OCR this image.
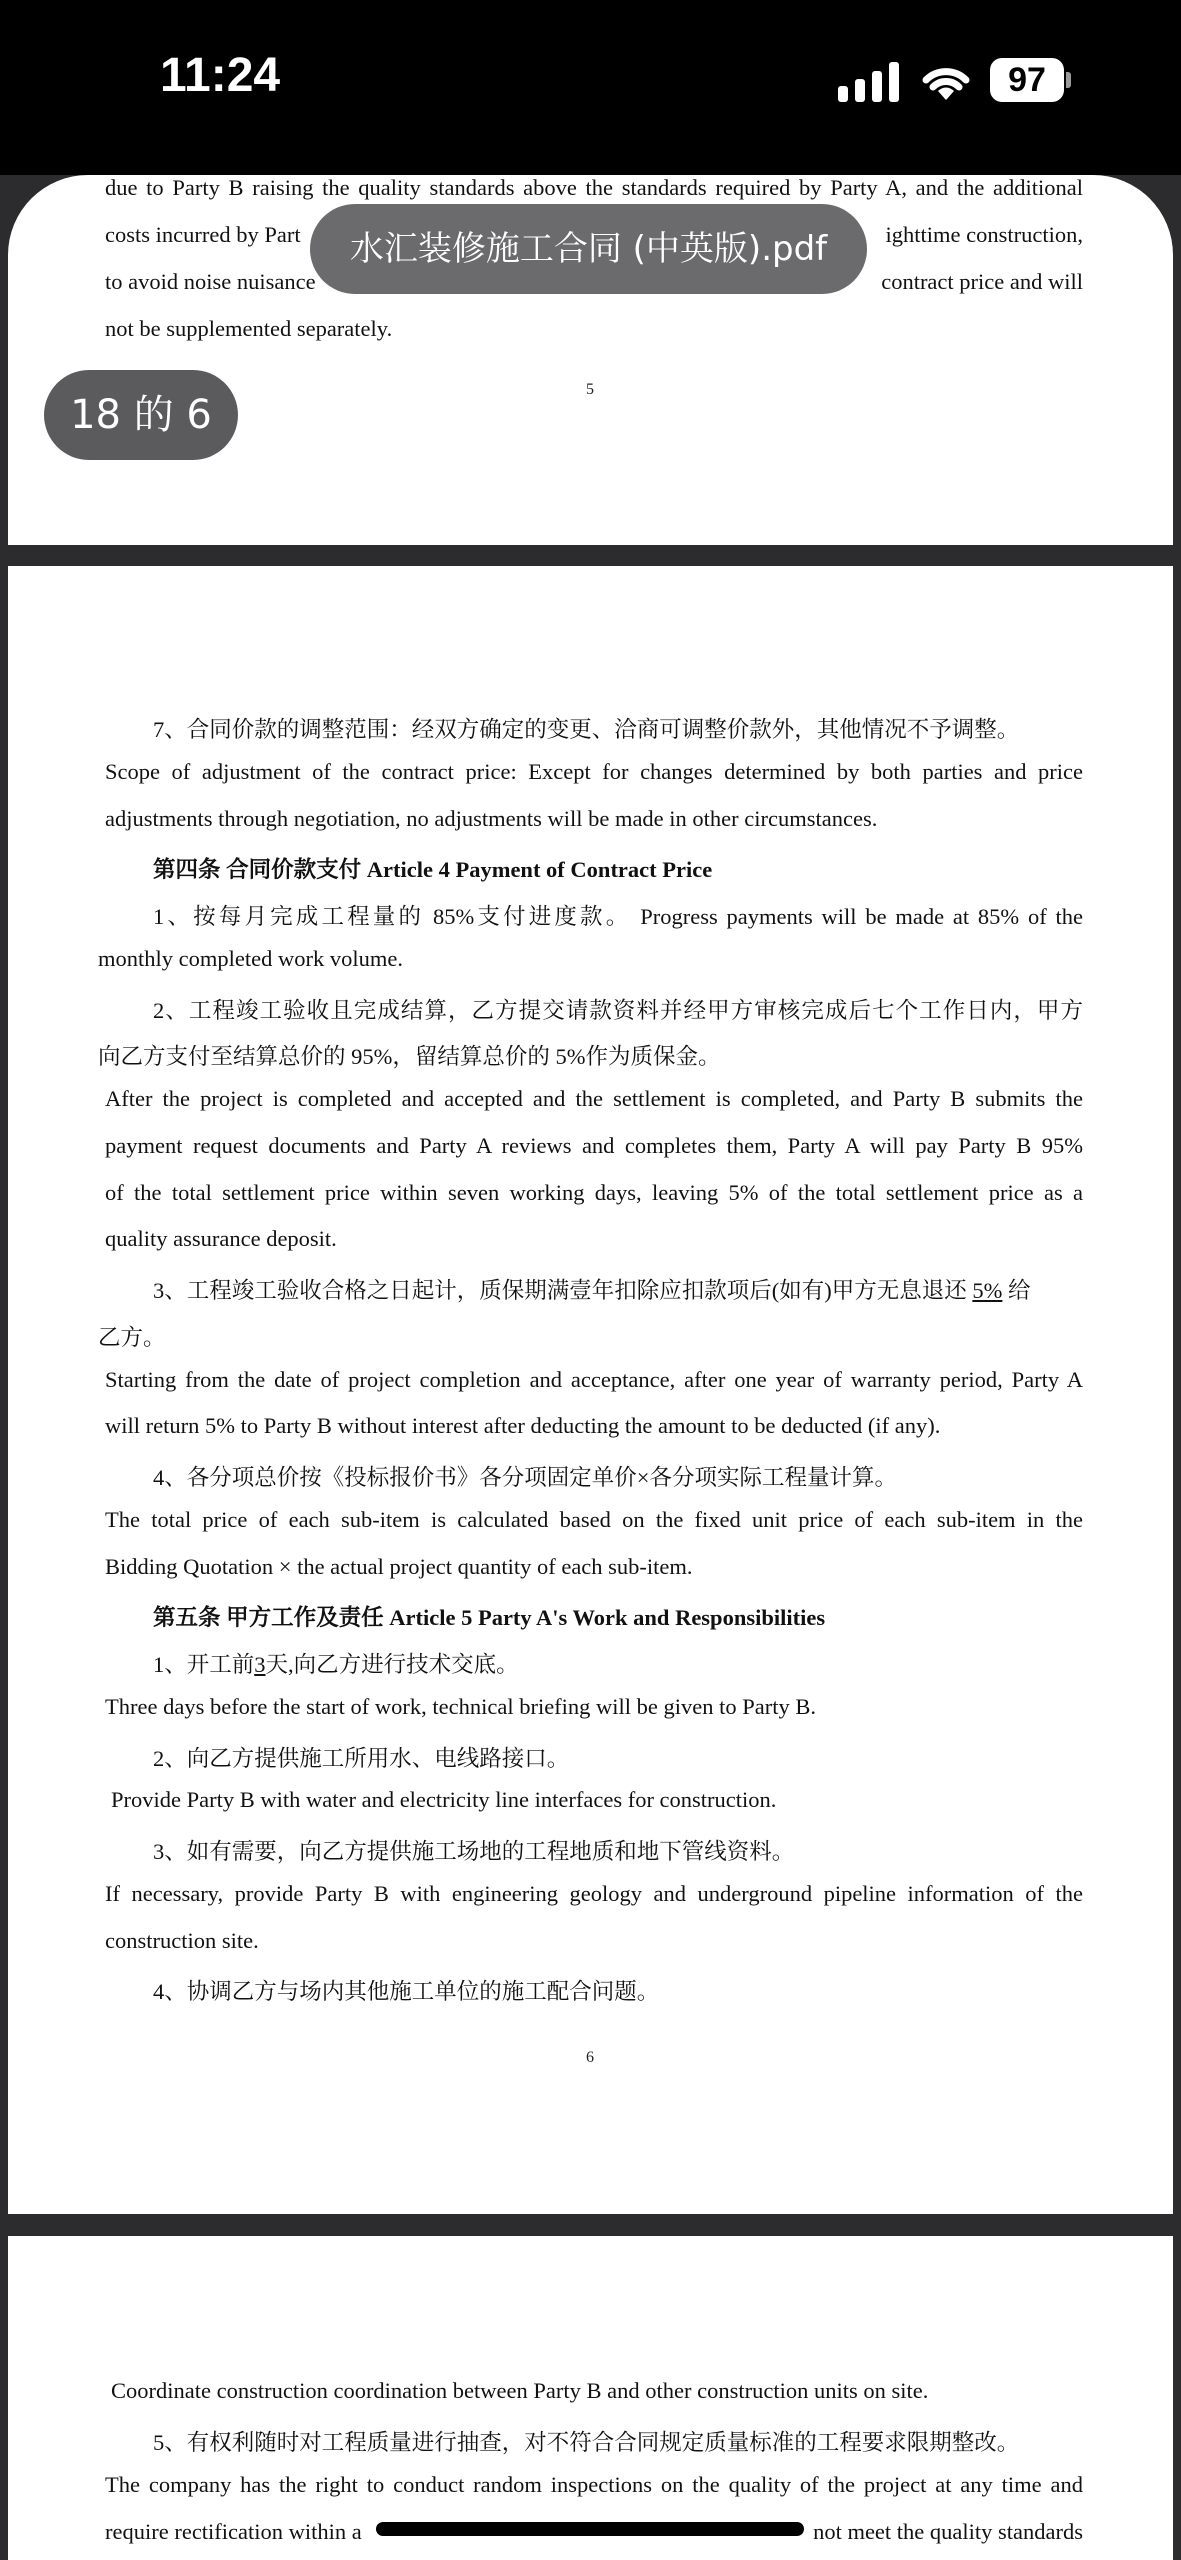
11:24	97
due to Party B raising the quality standards above the standards required by Party A, and the additional
costs incurred by Part	ighttime construction,
to avoid noise nuisance	contract price and will
not be supplemented separately.
5
7、合同价款的调整范围：经双方确定的变更、洽商可调整价款外，其他情况不予调整。
Scope of adjustment of the contract price: Except for changes determined by both parties and price
adjustments through negotiation, no adjustments will be made in other circumstances.
第四条 合同价款支付 Article 4 Payment of Contract Price
1、按每月完成工程量的 85%支付进度款。 Progress payments will be made at 85% of the
monthly completed work volume.
2、工程竣工验收且完成结算，乙方提交请款资料并经甲方审核完成后七个工作日内，甲方
向乙方支付至结算总价的 95%，留结算总价的 5%作为质保金。
After the project is completed and accepted and the settlement is completed, and Party B submits the
payment request documents and Party A reviews and completes them, Party A will pay Party B 95%
of the total settlement price within seven working days, leaving 5% of the total settlement price as a
quality assurance deposit.
3、工程竣工验收合格之日起计，质保期满壹年扣除应扣款项后(如有)甲方无息退还 5% 给
乙方。
Starting from the date of project completion and acceptance, after one year of warranty period, Party A
will return 5% to Party B without interest after deducting the amount to be deducted (if any).
4、各分项总价按《投标报价书》各分项固定单价×各分项实际工程量计算。
The total price of each sub-item is calculated based on the fixed unit price of each sub-item in the
Bidding Quotation × the actual project quantity of each sub-item.
第五条 甲方工作及责任 Article 5 Party A's Work and Responsibilities
1、开工前3天,向乙方进行技术交底。
Three days before the start of work, technical briefing will be given to Party B.
2、向乙方提供施工所用水、电线路接口。
Provide Party B with water and electricity line interfaces for construction.
3、如有需要，向乙方提供施工场地的工程地质和地下管线资料。
If necessary, provide Party B with engineering geology and underground pipeline information of the
construction site.
4、协调乙方与场内其他施工单位的施工配合问题。
6
Coordinate construction coordination between Party B and other construction units on site.
5、有权利随时对工程质量进行抽查，对不符合合同规定质量标准的工程要求限期整改。
The company has the right to conduct random inspections on the quality of the project at any time and
require rectification within a	not meet the quality standards
水汇装修施工合同 (中英版).pdf
18 的 6
